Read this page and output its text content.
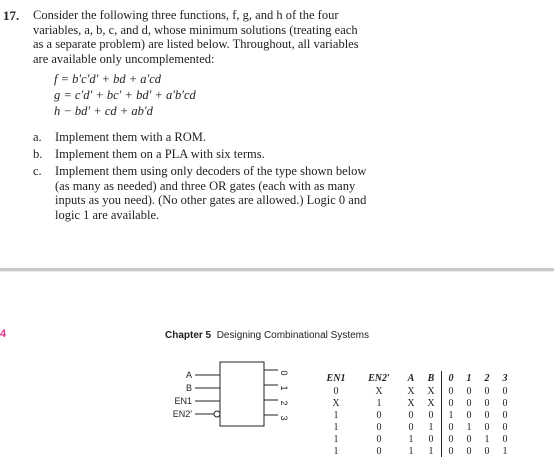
17. Consider the following three functions, f, g, and h of the four
variables, a, b, c, and d, whose minimum solutions (treating each
as a separate problem) are listed below. Throughout, all variables
are available only uncomplemented:
f = b′c′d′ + bd + a′cd
g = c′d′ + bc′ + bd′ + a′b′cd
h − bd′ + cd + ab′d
a. Implement them with a ROM.
b. Implement them on a PLA with six terms.
c. Implement them using only decoders of the type shown below
(as many as needed) and three OR gates (each with as many
inputs as you need). (No other gates are allowed.) Logic 0 and
logic 1 are available.
4	Chapter 5 Designing Combinational Systems
A
B
EN1
EN2′
0
1
2
3
EN1	EN2′	A	B	0	1	2	3
0	X	X	X	0	0	0	0
X	1	X	X	0	0	0	0
1	0	0	0	1	0	0	0
1	0	0	1	0	1	0	0
1	0	1	0	0	0	1	0
1	0	1	1	0	0	0	1
